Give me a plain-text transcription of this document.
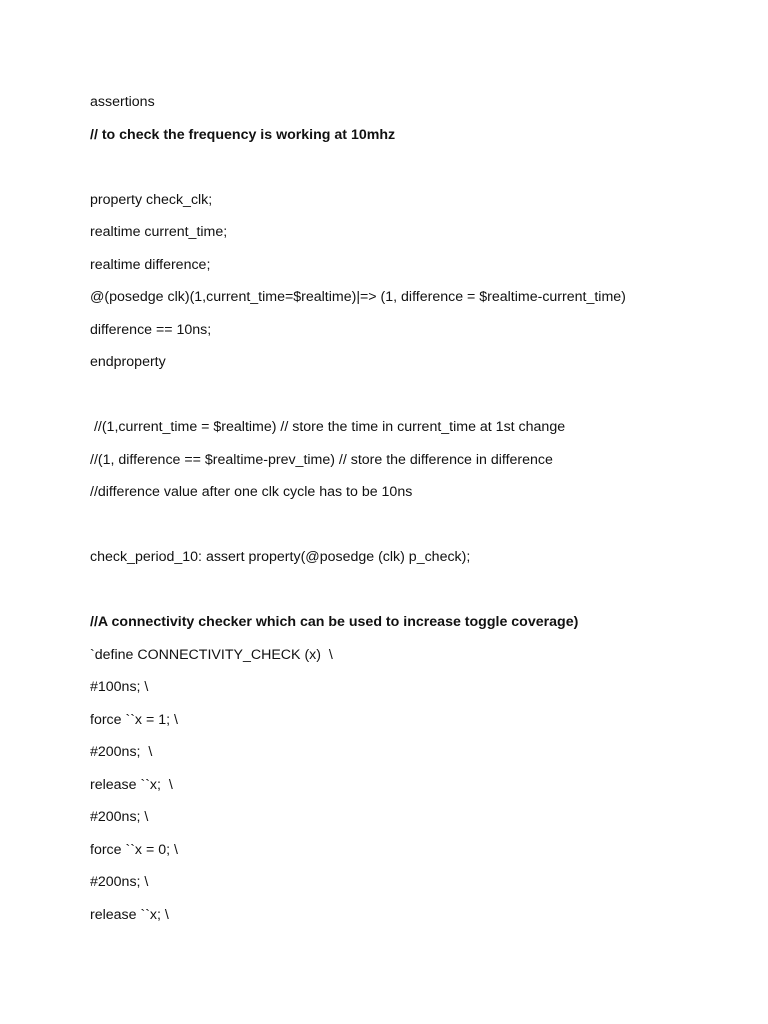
assertions

// to check the frequency is working at 10mhz

property check_clk;

realtime current_time;

realtime difference;

@(posedge clk)(1,current_time=$realtime)|=> (1, difference = $realtime-current_time)

difference == 10ns;

endproperty

//(1,current_time = $realtime) // store the time in current_time at 1st change

//(1, difference == $realtime-prev_time) // store the difference in difference

//difference value after one clk cycle has to be 10ns

check_period_10: assert property(@posedge (clk) p_check);

//A connectivity checker which can be used to increase toggle coverage)

`define CONNECTIVITY_CHECK (x)  \

#100ns; \

force ``x = 1; \

#200ns;  \

release ``x;  \

#200ns; \

force ``x = 0; \

#200ns; \

release ``x; \
